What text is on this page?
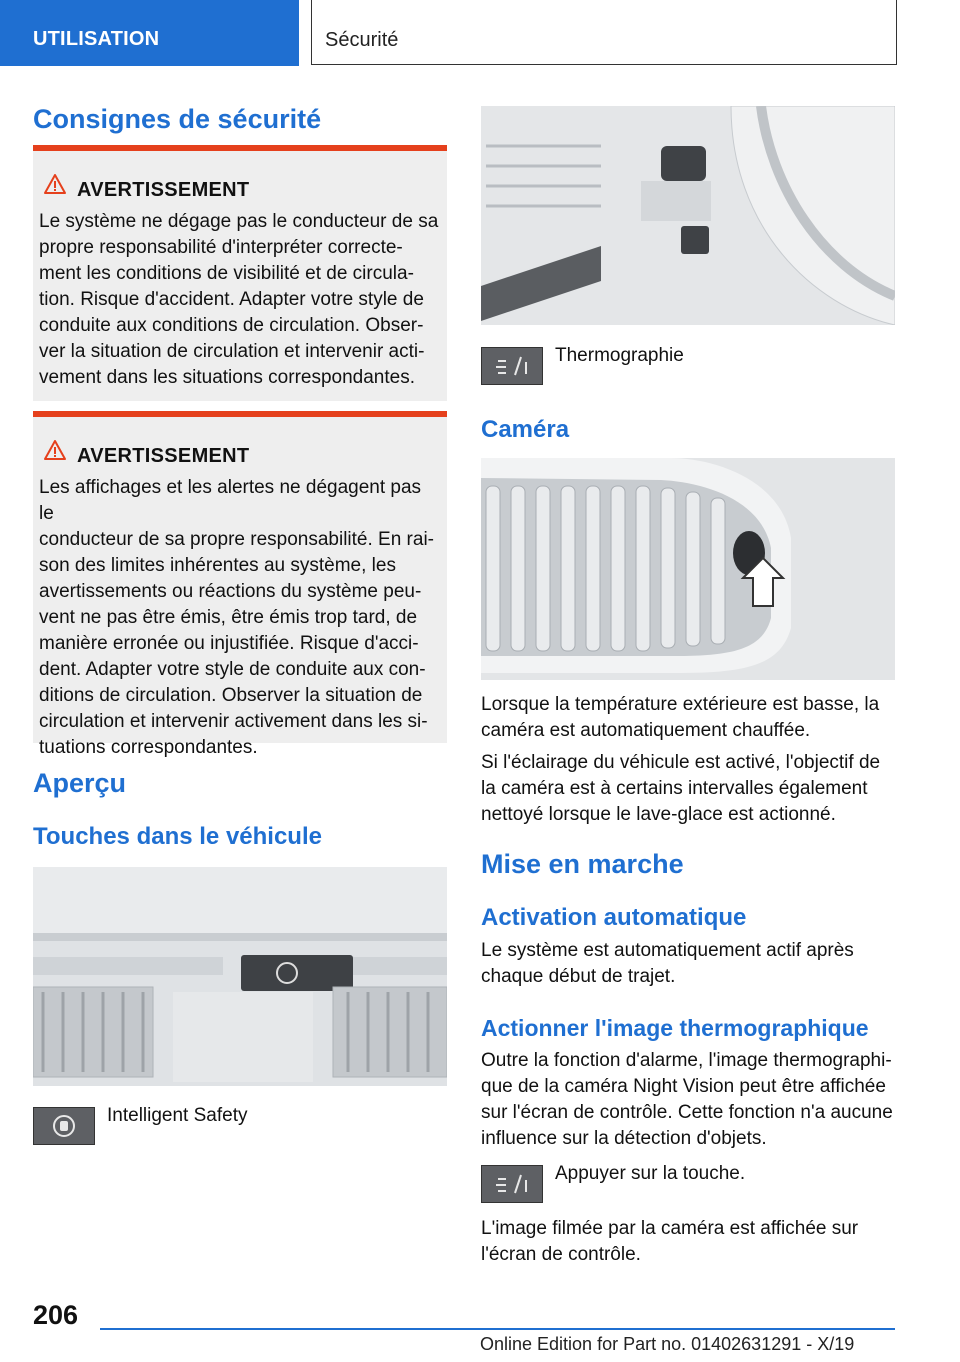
UTILISATION	Sécurité
Consignes de sécurité
AVERTISSEMENT

Le système ne dégage pas le conducteur de sa
propre responsabilité d'interpréter correcte-
ment les conditions de visibilité et de circula-
tion. Risque d'accident. Adapter votre style de
conduite aux conditions de circulation. Obser-
ver la situation de circulation et intervenir acti-
vement dans les situations correspondantes.

AVERTISSEMENT

Les affichages et les alertes ne dégagent pas le
conducteur de sa propre responsabilité. En rai-
son des limites inhérentes au système, les
avertissements ou réactions du système peu-
vent ne pas être émis, être émis trop tard, de
manière erronée ou injustifiée. Risque d'acci-
dent. Adapter votre style de conduite aux con-
ditions de circulation. Observer la situation de
circulation et intervenir activement dans les si-
tuations correspondantes.

Aperçu
Touches dans le véhicule
Intelligent Safety
Thermographie
Caméra

Lorsque la température extérieure est basse, la
caméra est automatiquement chauffée.

Si l'éclairage du véhicule est activé, l'objectif de
la caméra est à certains intervalles également
nettoyé lorsque le lave-glace est actionné.

Mise en marche
Activation automatique

Le système est automatiquement actif après
chaque début de trajet.

Actionner l'image thermographique

Outre la fonction d'alarme, l'image thermographi-
que de la caméra Night Vision peut être affichée
sur l'écran de contrôle. Cette fonction n'a aucune
influence sur la détection d'objets.

Appuyer sur la touche.

L'image filmée par la caméra est affichée sur
l'écran de contrôle.

206
Online Edition for Part no. 01402631291 - X/19
